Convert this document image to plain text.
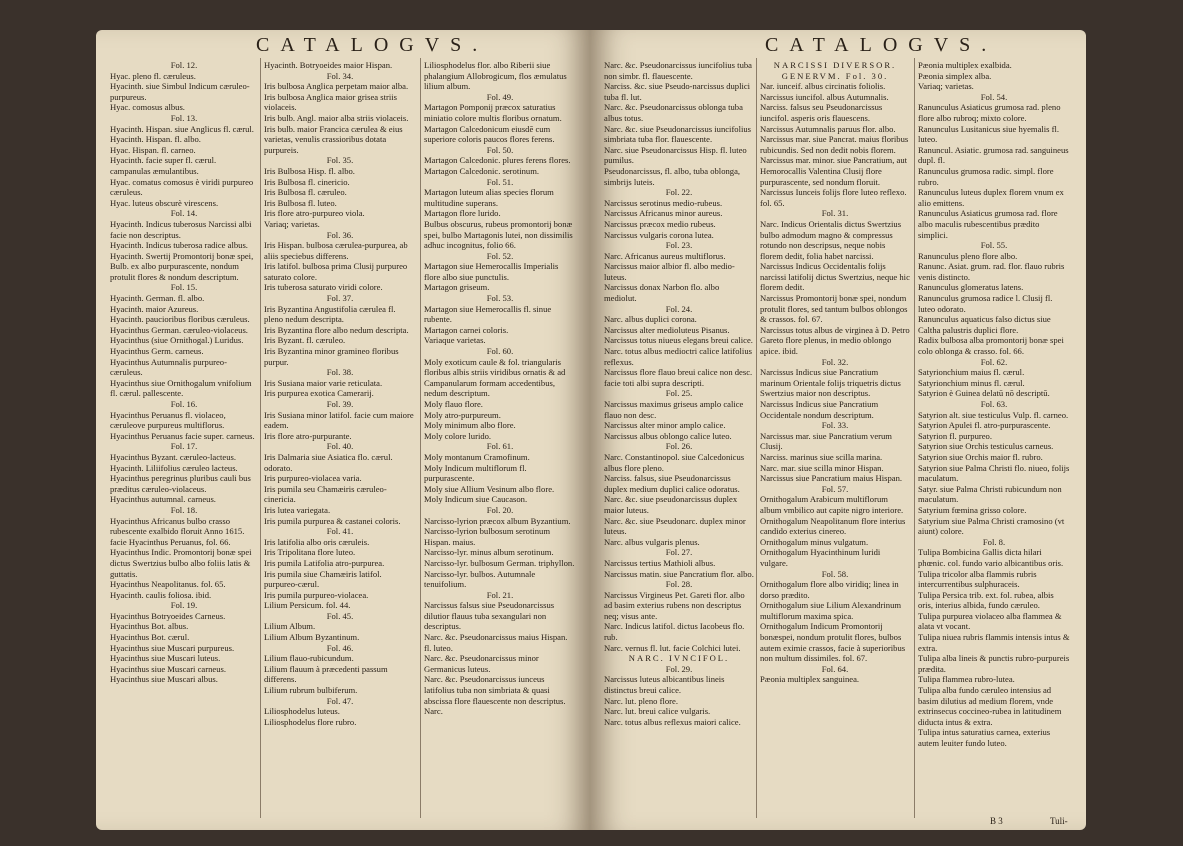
CATALOGVS.
Fol. 12.
Hyac. pleno fl. cæruleus.
Hyacinth. siue Simbul Indicum cæruleo-purpureus.
Hyac. comosus albus.
Fol. 13.
Hyacinth. Hispan. siue Anglicus fl. cærul.
Hyacinth. Hispan. fl. albo.
Hyac. Hispan. fl. carneo.
Hyacinth. facie super fl. cærul. campanulas æmulantibus.
Hyac. comatus comosus è viridi purpureo cæruleus.
Hyac. luteus obscurè virescens.
Fol. 14.
Hyacinth. Indicus tuberosus Narcissi albi facie non descriptus.
Hyacinth. Indicus tuberosa radice albus.
Hyacinth. Swertij Promontorij bonæ spei, Bulb. ex albo purpurascente, nondum protulit flores & nondum descriptum.
Fol. 15.
Hyacinth. German. fl. albo.
Hyacinth. maior Azureus.
Hyacinth. paucioribus floribus cæruleus.
Hyacinthus German. cæruleo-violaceus.
Hyacinthus (siue Ornithogal.) Luridus.
Hyacinthus Germ. carneus.
Hyacinthus Autumnalis purpureo-cæruleus.
Hyacinthus siue Ornithogalum vnifolium fl. cærul. pallescente.
Fol. 16.
Hyacinthus Peruanus fl. violaceo, cæruleove purpureus multiflorus.
Hyacinthus Peruanus facie super. carneus.
Fol. 17.
Hyacinthus Byzant. cæruleo-lacteus.
Hyacinth. Liliifolius cæruleo lacteus.
Hyacinthus peregrinus pluribus cauli bus præditus cæruleo-violaceus.
Hyacinthus autumnal. carneus.
Fol. 18.
Hyacinthus Africanus bulbo crasso rubescente exalbido floruit Anno 1615. facie Hyacinthus Peruanus, fol. 66.
Hyacinthus Indic. Promontorij bonæ spei dictus Swertzius bulbo albo foliis latis & guttatis.
Hyacinthus Neapolitanus. fol. 65.
Hyacinth. caulis foliosa. ibid.
Fol. 19.
Hyacinthus Botryoeides Carneus.
Hyacinthus Bot. albus.
Hyacinthus Bot. cærul.
Hyacinthus siue Muscari purpureus.
Hyacinthus siue Muscari luteus.
Hyacinthus siue Muscari carneus.
Hyacinthus siue Muscari albus.
Hyacinth. Botryoeides maior Hispan.
Fol. 34.
Iris bulbosa Anglica perpetam maior alba.
Iris bulbosa Anglica maior grisea striis violaceis.
Iris bulb. Angl. maior alba striis violaceis.
Iris bulb. maior Francica cærulea & eius varietas, venulis crassioribus dotata purpureis.
Fol. 35.
Iris Bulbosa Hisp. fl. albo.
Iris Bulbosa fl. cinericio.
Iris Bulbosa fl. cæruleo.
Iris Bulbosa fl. luteo.
Iris flore atro-purpureo viola.
Variaq; varietas.
Fol. 36.
Iris Hispan. bulbosa cærulea-purpurea, ab aliis speciebus differens.
Iris latifol. bulbosa prima Clusij purpureo saturato colore.
Iris tuberosa saturato viridi colore.
Fol. 37.
Iris Byzantina Angustifolia cærulea fl. pleno nedum descripta.
Iris Byzantina flore albo nedum descripta.
Iris Byzant. fl. cæruleo.
Iris Byzantina minor gramineo floribus purpur.
Fol. 38.
Iris Susiana maior varie reticulata.
Iris purpurea exotica Camerarij.
Fol. 39.
Iris Susiana minor latifol. facie cum maiore eadem.
Iris flore atro-purpurante.
Fol. 40.
Iris Dalmaria siue Asiatica flo. cærul. odorato.
Iris purpureo-violacea varia.
Iris pumila seu Chamæiris cæruleo-cinericia.
Iris lutea variegata.
Iris pumila purpurea & castanei coloris.
Fol. 41.
Iris latifolia albo oris cæruleis.
Iris Tripolitana flore luteo.
Iris pumila Latifolia atro-purpurea.
Iris pumila siue Chamæiris latifol. purpureo-cærul.
Iris pumila purpureo-violacea.
Lilium Persicum. fol. 44.
Fol. 45.
Lilium Album.
Lilium Album Byzantinum.
Fol. 46.
Lilium flauo-rubicundum.
Lilium flauum à præcedenti passum differens.
Lilium rubrum bulbiferum.
Fol. 47.
Liliosphodelus luteus.
Liliosphodelus flore rubro.
Liliosphodelus flor. albo Riberii siue phalangium Allobrogicum, flos æmulatus lilium album.
Fol. 49.
Martagon Pomponij præcox saturatius miniatio colore multis floribus ornatum.
Martagon Calcedonicum eiusdē cum superiore coloris paucos flores ferens.
Fol. 50.
Martagon Calcedonic. plures ferens flores.
Martagon Calcedonic. serotinum.
Fol. 51.
Martagon luteum alias species florum multitudine superans.
Martagon flore lurido.
Bulbus obscurus, rubeus promontorij bonæ spei, bulbo Martagonis lutei, non dissimilis adhuc incognitus, folio 66.
Fol. 52.
Martagon siue Hemerocallis Imperialis flore albo siue punctulis.
Martagon griseum.
Fol. 53.
Martagon siue Hemerocallis fl. sinue rubente.
Martagon carnei coloris.
Variaque varietas.
Fol. 60.
Moly exoticum caule & fol. triangularis floribus albis striis viridibus ornatis & ad Campanularum formam accedentibus, nedum descriptum.
Moly flauo flore.
Moly atro-purpureum.
Moly minimum albo flore.
Moly colore lurido.
Fol. 61.
Moly montanum Cramofinum.
Moly Indicum multiflorum fl. purpurascente.
Moly siue Allium Vesinum albo flore.
Moly Indicum siue Caucason.
Fol. 20.
Narcisso-lyrion præcox album Byzantium.
Narcisso-lyrion bulbosum serotinum Hispan. maius.
Narcisso-lyr. minus album serotinum.
Narcisso-lyr. bulbosum German. triphyllon.
Narcisso-lyr. bulbos. Autumnale tenuifolium.
Fol. 21.
Narcissus falsus siue Pseudonarcissus dilutior flauus tuba sexangulari non descriptus.
Narc. &c. Pseudonarcissus maius Hispan. fl. luteo.
Narc. &c. Pseudonarcissus minor Germanicus luteus.
Narc. &c. Pseudonarcissus iunceus latifolius tuba non simbriata & quasi abscissa flore flauescente non descriptus.
Narc.
CATALOGVS.
Narc. &c. Pseudonarcissus iuncifolius tuba non simbr. fl. flauescente.
Narciss. &c. siue Pseudo-narcissus duplici tuba fl. lut.
Narc. &c. Pseudonarcissus oblonga tuba albus totus.
Narc. &c. siue Pseudonarcissus iuncifolius simbriata tuba flor. flauescente.
Narc. siue Pseudonarcissus Hisp. fl. luteo pumilus.
Pseudonarcissus, fl. albo, tuba oblonga, simbrijs luteis.
Fol. 22.
Narcissus serotinus medio-rubeus.
Narcissus Africanus minor aureus.
Narcissus præcox medio rubeus.
Narcissus vulgaris corona lutea.
Fol. 23.
Narc. Africanus aureus multiflorus.
Narcissus maior albior fl. albo medio-luteus.
Narcissus donax Narbon flo. albo mediolut.
Fol. 24.
Narc. albus duplici corona.
Narcissus alter medioluteus Pisanus.
Narcissus totus niueus elegans breui calice.
Narc. totus albus medioctri calice latifolius reflexus.
Narcissus flore flauo breui calice non desc. facie toti albi supra descripti.
Fol. 25.
Narcissus maximus griseus amplo calice flauo non desc.
Narcissus alter minor amplo calice.
Narcissus albus oblongo calice luteo.
Fol. 26.
Narc. Constantinopol. siue Calcedonicus albus flore pleno.
Narciss. falsus, siue Pseudonarcissus duplex medium duplici calice odoratus.
Narc. &c. siue pseudonarcissus duplex maior luteus.
Narc. &c. siue Pseudonarc. duplex minor luteus.
Narc. albus vulgaris plenus.
Fol. 27.
Narcissus tertius Mathioli albus.
Narcissus matin. siue Pancratium flor. albo.
Fol. 28.
Narcissus Virgineus Pet. Gareti flor. albo ad basim exterius rubens non descriptus neq; visus ante.
Narc. Indicus latifol. dictus Iacobeus flo. rub.
Narc. vernus fl. lut. facie Colchici lutei.
NARC. IVNCIFOL.
Fol. 29.
Narcissus luteus albicantibus lineis distinctus breui calice.
Narc. lut. pleno flore.
Narc. lut. breui calice vulgaris.
Narc. totus albus reflexus maiori calice.
NARCISSI DIVERSOR. GENERVM. Fol. 30.
Nar. iunceif. albus circinatis foliolis.
Narcissus iuncifol. albus Autumnalis.
Narciss. falsus seu Pseudonarcissus iuncifol. asperis oris flauescens.
Narcissus Autumnalis paruus flor. albo.
Narcissus mar. siue Pancrat. maius floribus rubicundis. Sed non dedit nobis florem.
Narcissus mar. minor. siue Pancratium, aut Hemorocallis Valentina Clusij flore purpurascente, sed nondum floruit.
Narcissus Iunceis folijs flore luteo reflexo. fol. 65.
Fol. 31.
Narc. Indicus Orientalis dictus Swertzius bulbo admodum magno & compressus rotundo non descripsus, neque nobis florem dedit, folia habet narcissi.
Narcissus Indicus Occidentalis folijs narcissi latifolij dictus Swertzius, neque hic florem dedit.
Narcissus Promontorij bonæ spei, nondum protulit flores, sed tantum bulbos oblongos & crassos. fol. 67.
Narcissus totus albus de virginea à D. Petro Gareto flore plenus, in medio oblongo apice. ibid.
Fol. 32.
Narcissus Indicus siue Pancratium marinum Orientale folijs triquetris dictus Swertzius maior non descriptus.
Narcissus Indicus siue Pancratium Occidentale nondum descriptum.
Fol. 33.
Narcissus mar. siue Pancratium verum Clusij.
Narciss. marinus siue scilla marina.
Narc. mar. siue scilla minor Hispan.
Narcissus siue Pancratium maius Hispan.
Fol. 57.
Ornithogalum Arabicum multiflorum album vmbilico aut capite nigro interiore.
Ornithogalum Neapolitanum flore interius candido exterius cinereo.
Ornithogalum minus vulgatum.
Ornithogalum Hyacinthinum luridi vulgare.
Fol. 58.
Ornithogalum flore albo viridiq; linea in dorso prædito.
Ornithogalum siue Lilium Alexandrinum multiflorum maxima spica.
Ornithogalum Indicum Promontorij bonæspei, nondum protulit flores, bulbos autem eximie crassos, facie à superioribus non multum dissimiles. fol. 67.
Fol. 64.
Pæonia multiplex sanguinea.
Pæonia multiplex exalbida.
Pæonia simplex alba.
Variaq; varietas.
Fol. 54.
Ranunculus Asiaticus grumosa rad. pleno flore albo rubroq; mixto colore.
Ranunculus Lusitanicus siue hyemalis fl. luteo.
Ranuncul. Asiatic. grumosa rad. sanguineus dupl. fl.
Ranunculus grumosa radic. simpl. flore rubro.
Ranunculus luteus duplex florem vnum ex alio emittens.
Ranunculus Asiaticus grumosa rad. flore albo maculis rubescentibus prædito simplici.
Fol. 55.
Ranunculus pleno flore albo.
Ranunc. Asiat. grum. rad. flor. flauo rubris venis distincto.
Ranunculus glomeratus latens.
Ranunculus grumosa radice l. Clusij fl. luteo odorato.
Ranunculus aquaticus falso dictus siue Caltha palustris duplici flore.
Radix bulbosa alba promontorij bonæ spei colo oblonga & crasso. fol. 66.
Fol. 62.
Satyrionchium maius fl. cærul.
Satyrionchium minus fl. cærul.
Satyrion è Guinea delatū nō descriptū.
Fol. 63.
Satyrion alt. siue testiculus Vulp. fl. carneo.
Satyrion Apulei fl. atro-purpurascente.
Satyrion fl. purpureo.
Satyrion siue Orchis testiculus carneus.
Satyrion siue Orchis maior fl. rubro.
Satyrion siue Palma Christi flo. niueo, folijs maculatum.
Satyr. siue Palma Christi rubicundum non maculatum.
Satyrium fœmina grisso colore.
Satyrium siue Palma Christi cramosino (vt aiunt) colore.
Fol. 8.
Tulipa Bombicina Gallis dicta hilari phœnic. col. fundo vario albicantibus oris.
Tulipa tricolor alba flammis rubris intercurrentibus sulphuraceis.
Tulipa Persica trib. ext. fol. rubea, albis oris, interius albida, fundo cæruleo.
Tulipa purpurea violaceo alba flammea & alata vt vocant.
Tulipa niuea rubris flammis intensis intus & extra.
Tulipa alba lineis & punctis rubro-purpureis prædita.
Tulipa flammea rubro-lutea.
Tulipa alba fundo cæruleo intensius ad basim dilutius ad medium florem, vnde extrinsecus coccineo-rubea in latitudinem diducta intus & extra.
Tulipa intus saturatius carnea, exterius autem leuiter fundo luteo.
B 3	Tuli-
